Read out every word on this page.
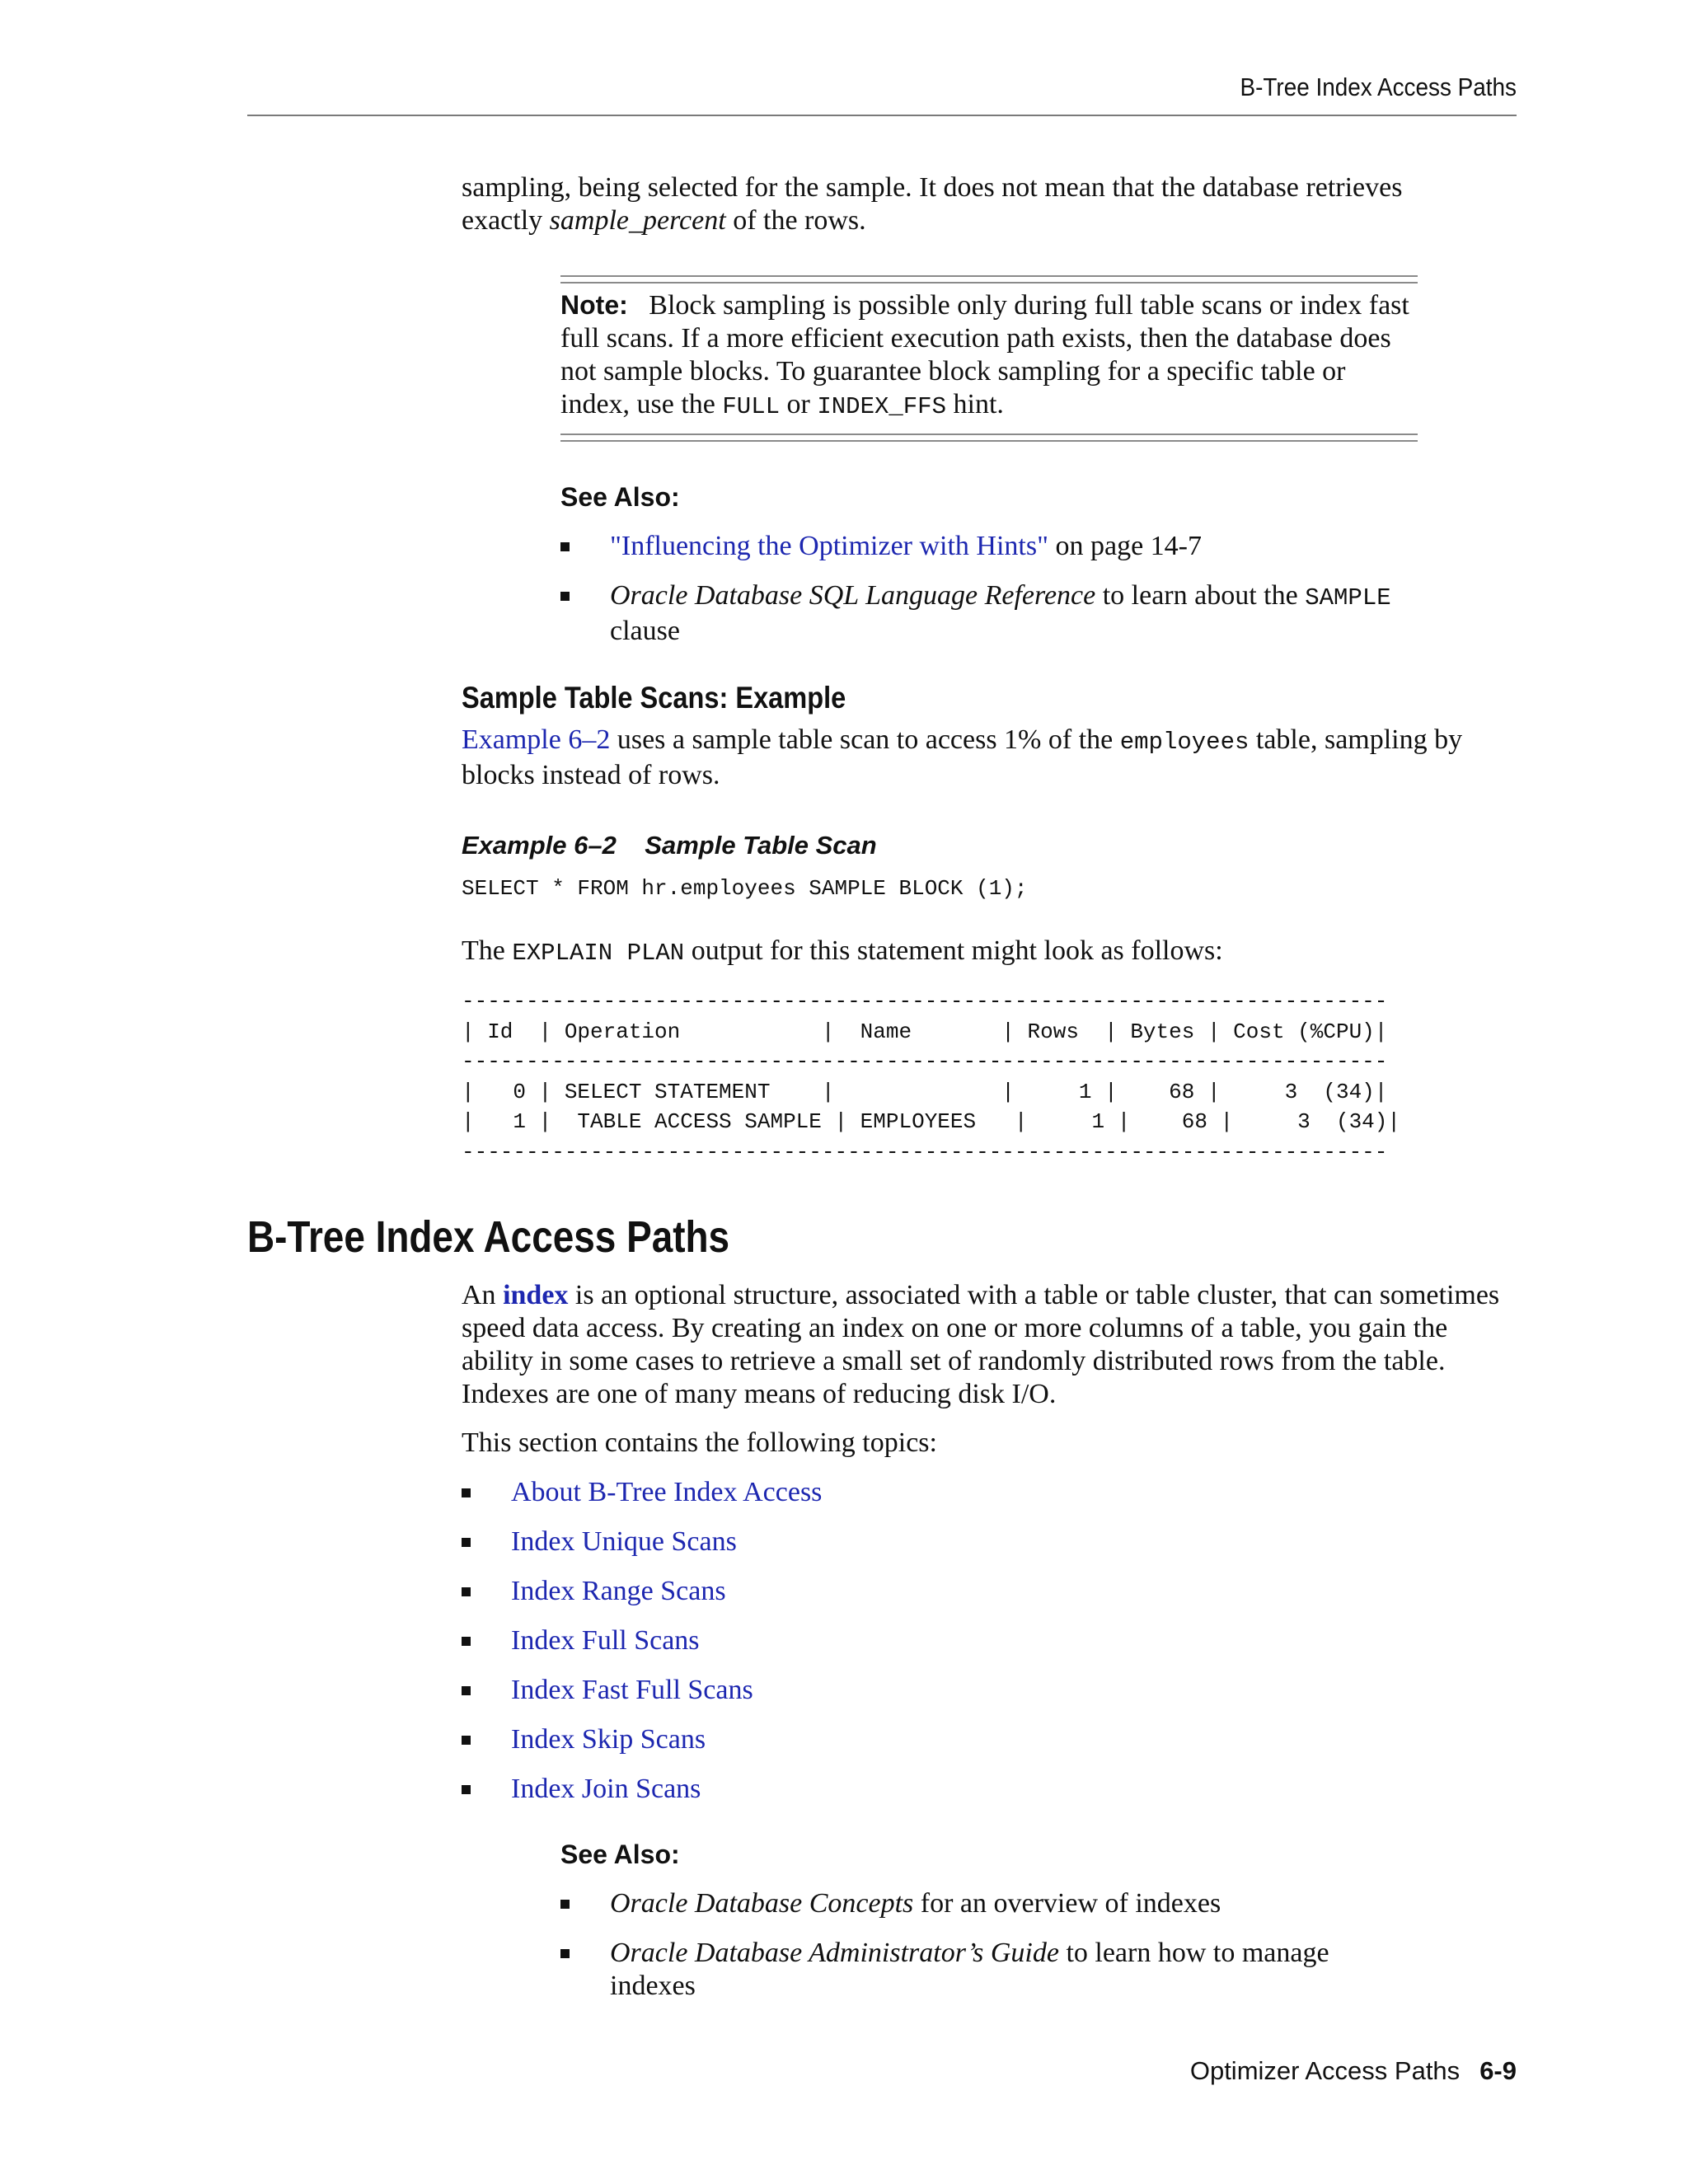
B-Tree Index Access Paths

sampling, being selected for the sample. It does not mean that the database retrieves

exactly sample_percent of the rows.

Note: Block sampling is possible only during full table scans or index fast full scans. If a more efficient execution path exists, then the database does not sample blocks. To guarantee block sampling for a specific table or index, use the FULL or INDEX_FFS hint.

See Also:
"Influencing the Optimizer with Hints" on page 14-7
Oracle Database SQL Language Reference to learn about the SAMPLE clause
Sample Table Scans: Example

Example 6–2 uses a sample table scan to access 1% of the employees table, sampling by blocks instead of rows.

Example 6–2    Sample Table Scan
SELECT * FROM hr.employees SAMPLE BLOCK (1);

The EXPLAIN PLAN output for this statement might look as follows:

------------------------------------------------------------------------
| Id  | Operation           |  Name       | Rows  | Bytes | Cost (%CPU)|
------------------------------------------------------------------------
|   0 | SELECT STATEMENT    |             |     1 |    68 |     3  (34)|
|   1 |  TABLE ACCESS SAMPLE | EMPLOYEES   |     1 |    68 |     3  (34)|
------------------------------------------------------------------------
B-Tree Index Access Paths

An index is an optional structure, associated with a table or table cluster, that can sometimes speed data access. By creating an index on one or more columns of a table, you gain the ability in some cases to retrieve a small set of randomly distributed rows from the table. Indexes are one of many means of reducing disk I/O.

This section contains the following topics:
About B-Tree Index Access
Index Unique Scans
Index Range Scans
Index Full Scans
Index Fast Full Scans
Index Skip Scans
Index Join Scans
See Also:
Oracle Database Concepts for an overview of indexes
Oracle Database Administrator’s Guide to learn how to manage indexes
Optimizer Access Paths 6-9
